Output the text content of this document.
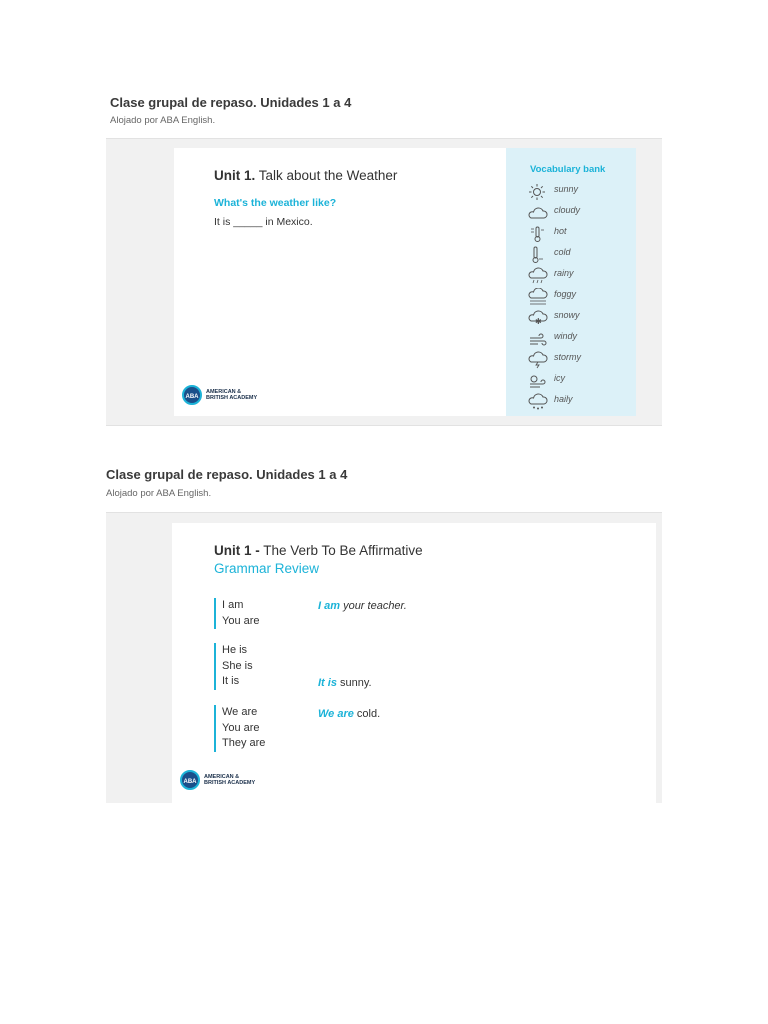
Clase grupal de repaso. Unidades 1 a 4
Alojado por ABA English.
Unit 1. Talk about the Weather
What's the weather like?
It is _____ in Mexico.
ABA
AMERICAN &
BRITISH ACADEMY
Vocabulary bank
sunny
cloudy
hot
cold
rainy
foggy
✱
snowy
windy
stormy
icy
haily
Clase grupal de repaso. Unidades 1 a 4
Alojado por ABA English.
Unit 1 - The Verb To Be Affirmative
Grammar Review
I am
You are
He is
She is
It is
We are
You are
They are
I am your teacher.
It is sunny.
We are cold.
ABA
AMERICAN &
BRITISH ACADEMY
